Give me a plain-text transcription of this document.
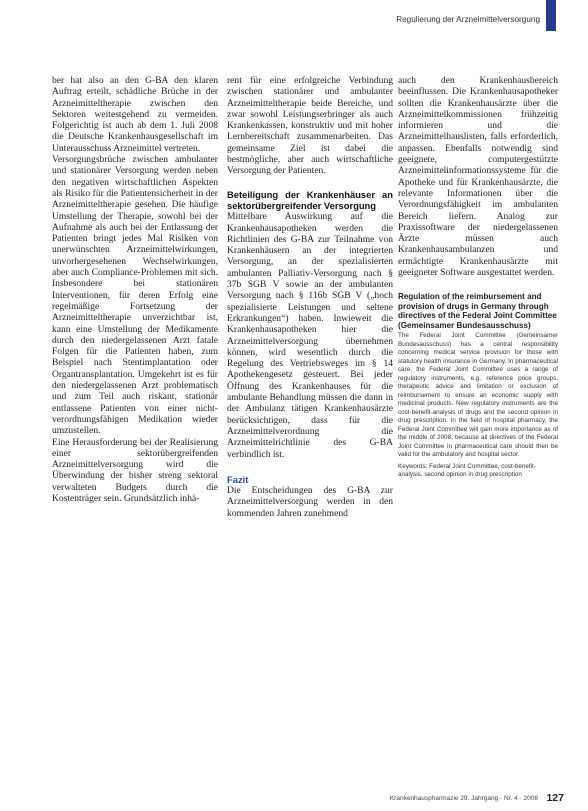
Regulierung der Arzneimittelversorgung

ber hat also an den G-BA den klaren Auftrag erteilt, schädliche Brüche in der Arzneimitteltherapie zwischen den Sektoren weitestgehend zu vermeiden. Folgerichtig ist auch ab dem 1. Juli 2008 die Deutsche Krankenhausgesellschaft im Unterausschuss Arzneimittel vertreten.

Versorgungsbrüche zwischen ambulanter und stationärer Versorgung werden neben den negativen wirtschaftlichen Aspekten als Risiko für die Patientensicherheit in der Arzneimitteltherapie gesehen. Die häufige Umstellung der Therapie, sowohl bei der Aufnahme als auch bei der Entlassung der Patienten bringt jedes Mal Risiken von unerwünschten Arzneimittelwirkungen, unvorhergesehenen Wechselwirkungen, aber auch Compliance-Problemen mit sich. Insbesondere bei stationären Interventionen, für deren Erfolg eine regelmäßige Fortsetzung der Arzneimitteltherapie unverzichtbar ist, kann eine Umstellung der Medikamente durch den niedergelassenen Arzt fatale Folgen für die Patienten haben, zum Beispiel nach Stentimplantation oder Organtransplantation. Umgekehrt ist es für den niedergelassenen Arzt problematisch und zum Teil auch riskant, stationär entlassene Patienten von einer nicht-verordnungsfähigen Medikation wieder umzustellen.

Eine Herausforderung bei der Realisierung einer sektorübergreifenden Arzneimittelversorgung wird die Überwindung der bisher streng sektoral verwalteten Budgets durch die Kostenträger sein. Grundsätzlich inhä-

rent für eine erfolgreiche Verbindung zwischen stationärer und ambulanter Arzneimitteltherapie beide Bereiche, und zwar sowohl Leistungserbringer als auch Krankenkassen, konstruktiv und mit hoher Lernbereitschaft zusammenarbeiten. Das gemeinsame Ziel ist dabei die bestmögliche, aber auch wirtschaftliche Versorgung der Patienten.

Beteiligung der Krankenhäuser an sektorübergreifender Versorgung

Mittelbare Auswirkung auf die Krankenhausapotheken werden die Richtlinien des G-BA zur Teilnahme von Krankenhäusern an der integrierten Versorgung, an der spezialisierten ambulanten Palliativ-Versorgung nach § 37b SGB V sowie an der ambulanten Versorgung nach § 116b SGB V („hoch spezialisierte Leistungen und seltene Erkrankungen“) haben. Inwieweit die Krankenhausapotheken hier die Arzneimittelversorgung übernehmen können, wird wesentlich durch die Regelung des Vertriebsweges im § 14 Apothekengesetz gesteuert. Bei jeder Öffnung des Krankenhauses für die ambulante Behandlung müssen die dann in der Ambulanz tätigen Krankenhausärzte berücksichtigen, dass für die Arzneimittelverordnung die Arzneimittelrichtlinie des G-BA verbindlich ist.

Fazit

Die Entscheidungen des G-BA zur Arzneimittelversorgung werden in den kommenden Jahren zunehmend

auch den Krankenhausbereich beeinflussen. Die Krankenhausapotheker sollten die Krankenhausärzte über die Arzneimittelkommissionen frühzeitig informieren und die Arzneimittelhauslisten, falls erforderlich, anpassen. Ebenfalls notwendig sind geeignete, computergestützte Arzneimittelinformationssysteme für die Apotheke und für Krankenhausärzte, die relevante Informationen über die Verordnungsfähigkeit im ambulanten Bereich liefern. Analog zur Praxissoftware der niedergelassenen Ärzte müssen auch Krankenhausambulanzen und ermächtigte Krankenhausärzte mit geeigneter Software ausgestattet werden.

Regulation of the reimbursement and provision of drugs in Germany through directives of the Federal Joint Committee (Gemeinsamer Bundesausschuss)

The Federal Joint Committee (Gemeinsamer Bundesausschuss) has a central responsibility concerning medical service provision for those with statutory health insurance in Germany. In pharmaceutical care, the Federal Joint Committee uses a range of regulatory instruments, e.g. reference price groups, therapeutic advice and limitation or exclusion of reimbursement to ensure an economic supply with medicinal products. New regulatory instruments are the cost-benefit-analysis of drugs and the second opinion in drug prescription. In the field of hospital pharmacy, the Federal Joint Committee will gain more importance as of the middle of 2008, because all directives of the Federal Joint Committee in pharmaceutical care should then be valid for the ambulatory and hospital sector.

Keywords: Federal Joint Committee, cost-benefit-analysis, second opinion in drug prescription

Krankenhauspharmazie 29. Jahrgang · Nr. 4 · 2008 127
